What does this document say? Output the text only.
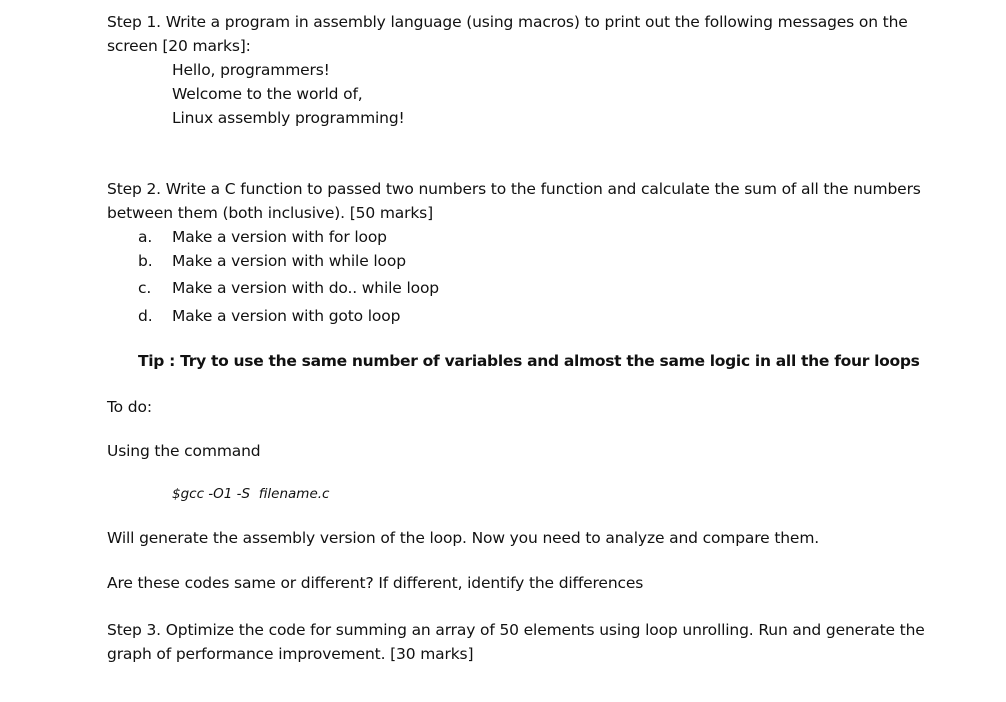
Step 1. Write a program in assembly language (using macros) to print out the following messages on the screen [20 marks]:
Hello, programmers!
Welcome to the world of,
Linux assembly programming!
Step 2. Write a C function to passed two numbers to the function and calculate the sum of all the numbers between them (both inclusive). [50 marks]
a. Make a version with for loop
b. Make a version with while loop
c. Make a version with do.. while loop
d. Make a version with goto loop
Tip : Try to use the same number of variables and almost the same logic in all the four loops
To do:
Using the command
$gcc -O1 -S  filename.c
Will generate the assembly version of the loop. Now you need to analyze and compare them.
Are these codes same or different? If different, identify the differences
Step 3. Optimize the code for summing an array of 50 elements using loop unrolling. Run and generate the graph of performance improvement. [30 marks]
